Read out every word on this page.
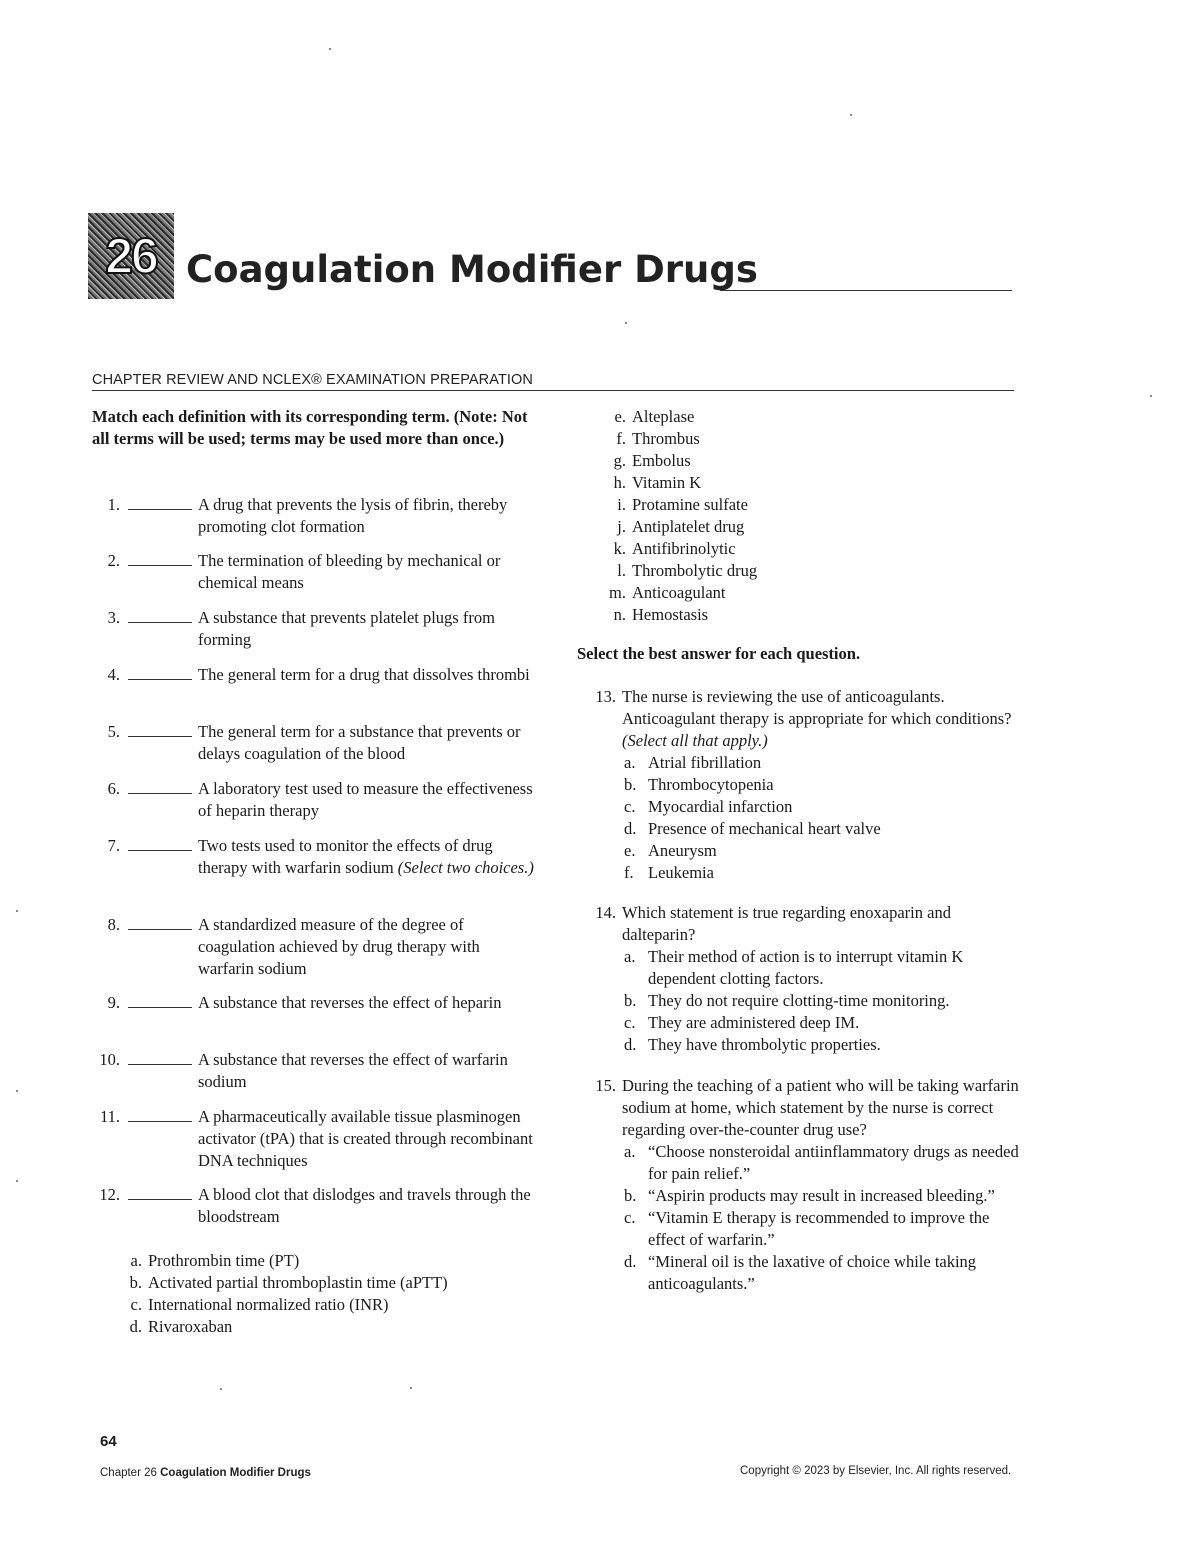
26 Coagulation Modifier Drugs
CHAPTER REVIEW AND NCLEX® EXAMINATION PREPARATION
Match each definition with its corresponding term. (Note: Not all terms will be used; terms may be used more than once.)
1.	A drug that prevents the lysis of fibrin, thereby promoting clot formation
2.	The termination of bleeding by mechanical or chemical means
3.	A substance that prevents platelet plugs from forming
4.	The general term for a drug that dissolves thrombi
5.	The general term for a substance that prevents or delays coagulation of the blood
6.	A laboratory test used to measure the effectiveness of heparin therapy
7.	Two tests used to monitor the effects of drug therapy with warfarin sodium (Select two choices.)
8.	A standardized measure of the degree of coagulation achieved by drug therapy with warfarin sodium
9.	A substance that reverses the effect of heparin
10.	A substance that reverses the effect of warfarin sodium
11.	A pharmaceutically available tissue plasminogen activator (tPA) that is created through recombinant DNA techniques
12.	A blood clot that dislodges and travels through the bloodstream
a. Prothrombin time (PT)
b. Activated partial thromboplastin time (aPTT)
c. International normalized ratio (INR)
d. Rivaroxaban
e. Alteplase
f. Thrombus
g. Embolus
h. Vitamin K
i. Protamine sulfate
j. Antiplatelet drug
k. Antifibrinolytic
l. Thrombolytic drug
m. Anticoagulant
n. Hemostasis
Select the best answer for each question.
13. The nurse is reviewing the use of anticoagulants. Anticoagulant therapy is appropriate for which conditions? (Select all that apply.)
a. Atrial fibrillation
b. Thrombocytopenia
c. Myocardial infarction
d. Presence of mechanical heart valve
e. Aneurysm
f. Leukemia
14. Which statement is true regarding enoxaparin and dalteparin?
a. Their method of action is to interrupt vitamin K dependent clotting factors.
b. They do not require clotting-time monitoring.
c. They are administered deep IM.
d. They have thrombolytic properties.
15. During the teaching of a patient who will be taking warfarin sodium at home, which statement by the nurse is correct regarding over-the-counter drug use?
a. “Choose nonsteroidal antiinflammatory drugs as needed for pain relief.”
b. “Aspirin products may result in increased bleeding.”
c. “Vitamin E therapy is recommended to improve the effect of warfarin.”
d. “Mineral oil is the laxative of choice while taking anticoagulants.”
64
Chapter 26 Coagulation Modifier Drugs	Copyright © 2023 by Elsevier, Inc. All rights reserved.
